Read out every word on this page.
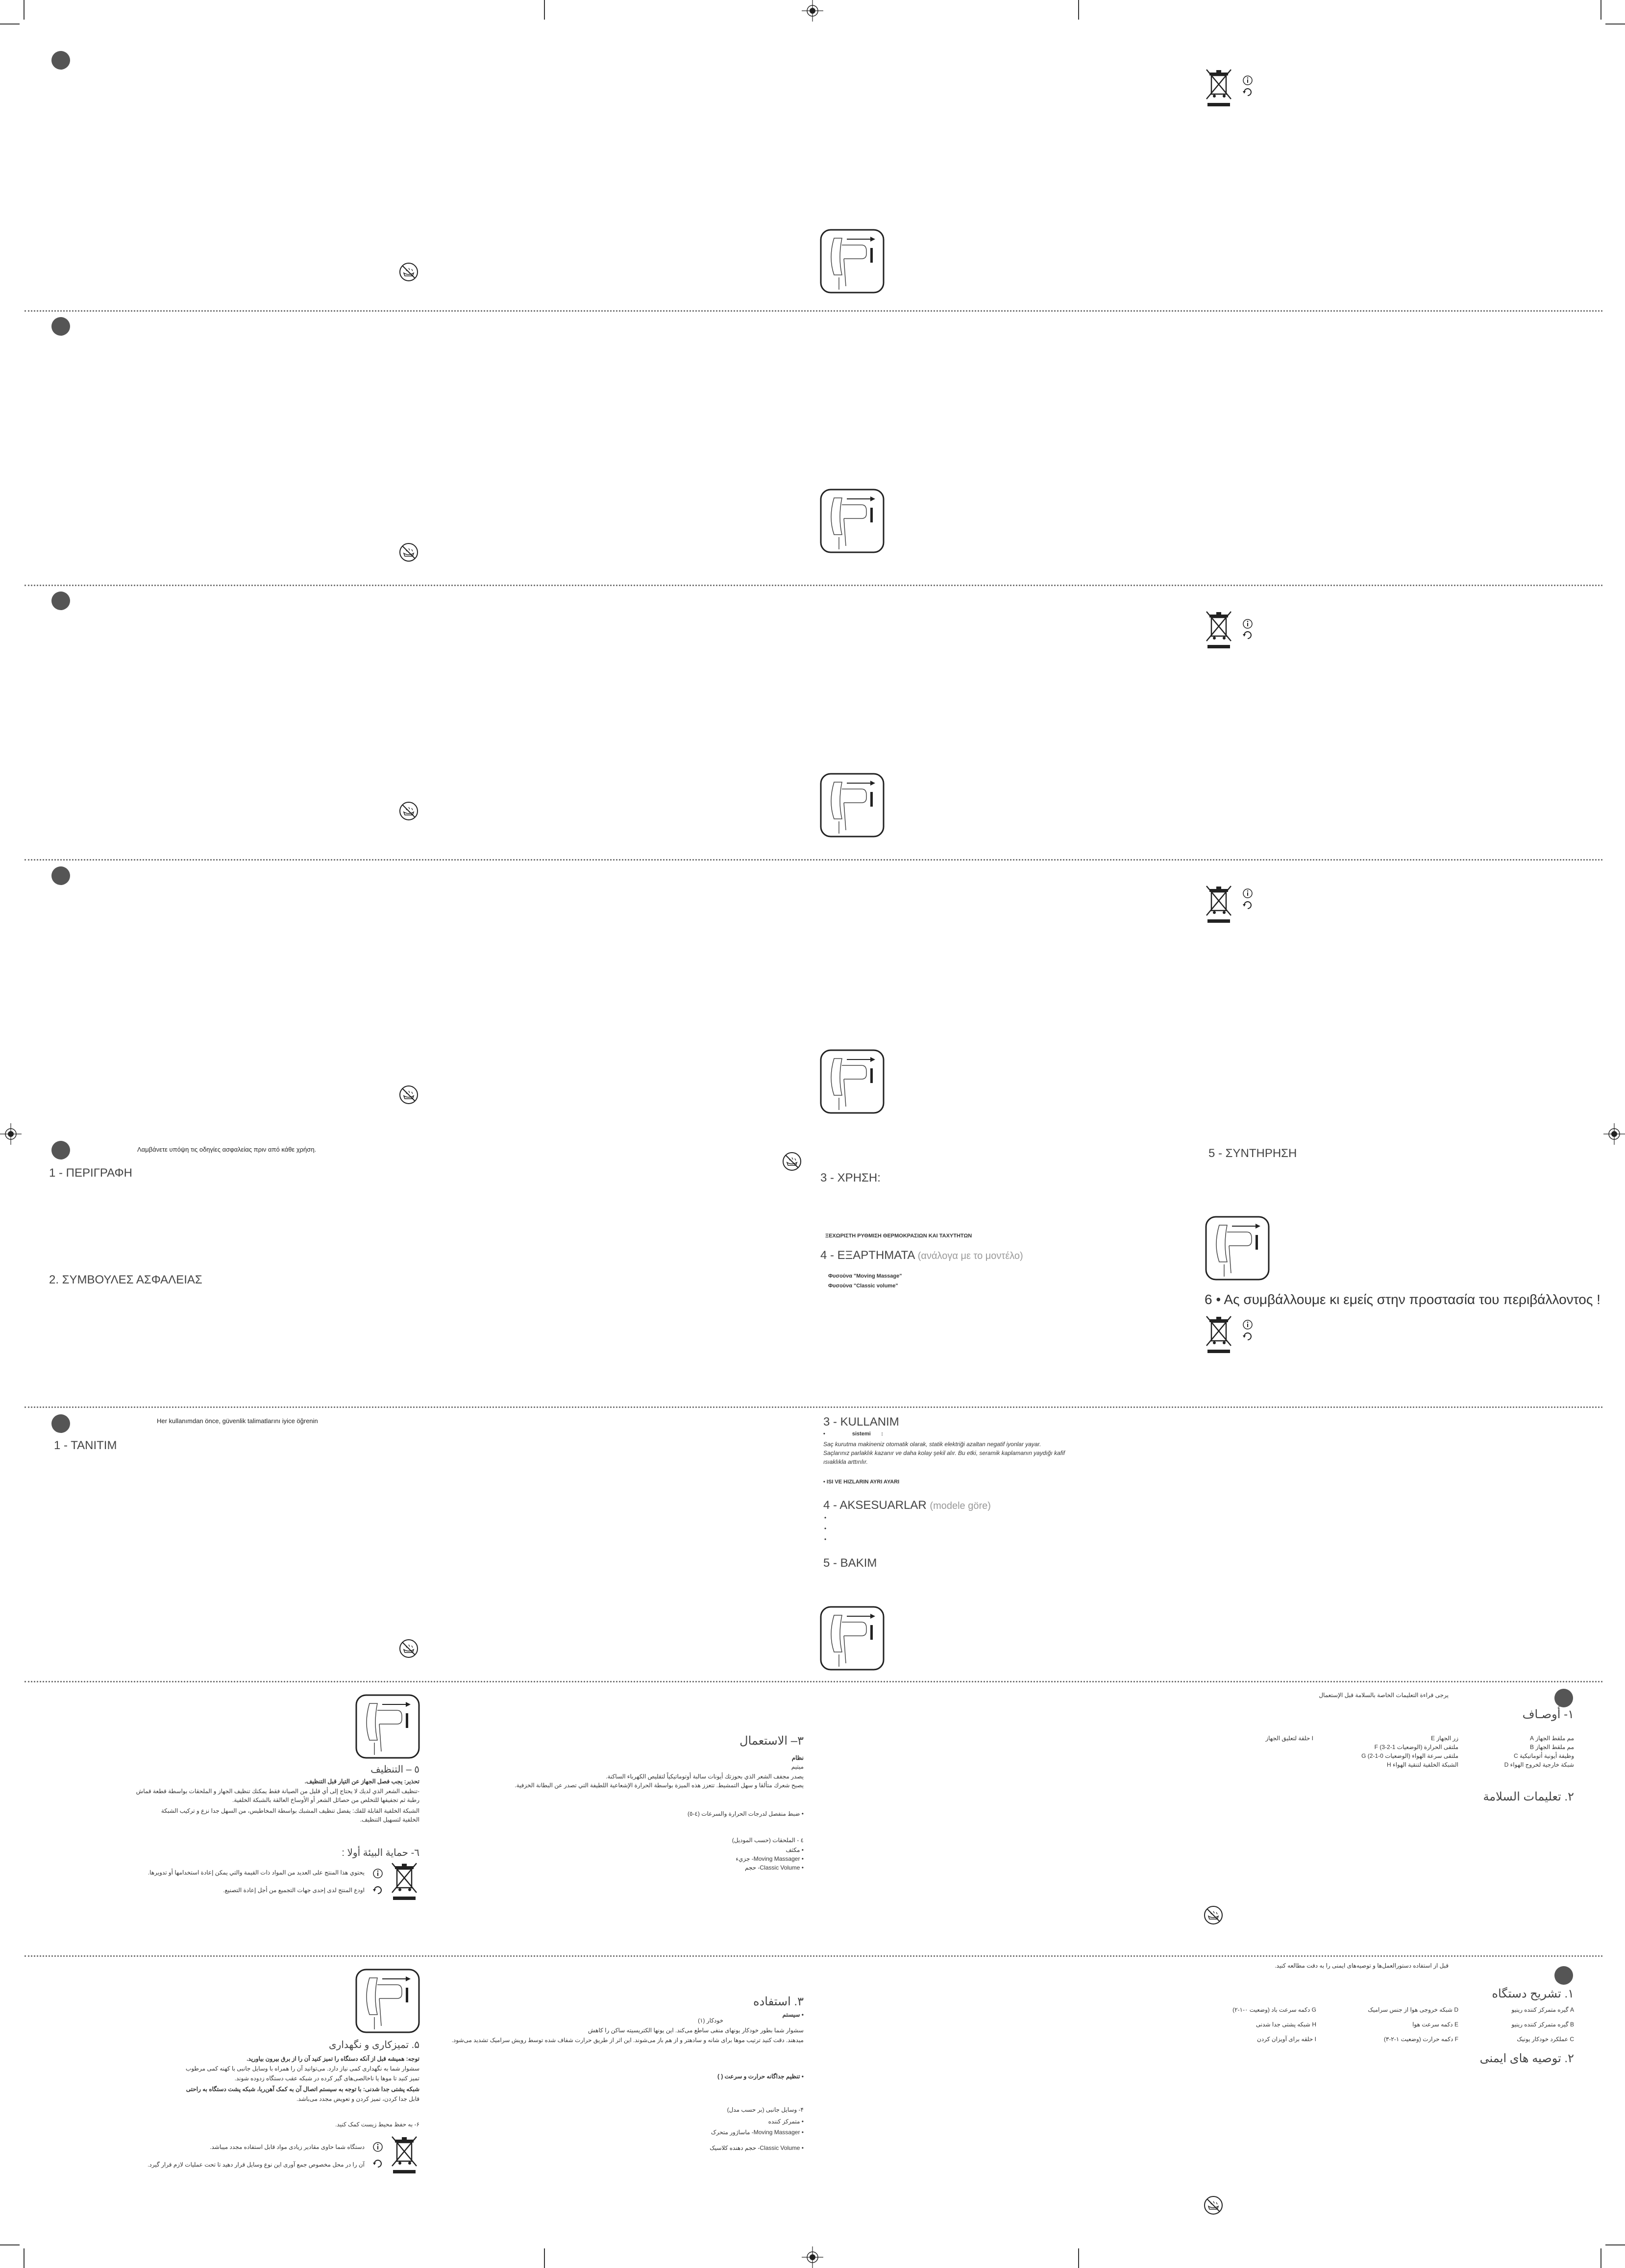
Λαμβάνετε υπόψη τις οδηγίες ασφαλείας πριν από κάθε χρήση.
1 - ΠΕΡΙΓΡΑΦΗ
2. ΣΥΜΒΟΥΛΕΣ ΑΣΦΑΛΕΙΑΣ
3 - ΧΡΗΣΗ:
ΞΕΧΩΡΙΣΤΗ ΡΥΘΜΙΣΗ ΘΕΡΜΟΚΡΑΣΙΩΝ ΚΑΙ ΤΑΧΥΤΗΤΩΝ
4 - ΕΞΑΡΤΗΜΑΤΑ (ανάλογα με το μοντέλο)
Φυσούνα "Moving Massage"
Φυσούνα "Classic volume"
5 - ΣΥΝΤΗΡΗΣΗ
6 • Ας συμβάλλουμε κι εμείς στην προστασία του περιβάλλοντος !
Her kullanımdan önce, güvenlik talimatlarını iyice öğrenin
1 - TANITIM
3 - KULLANIM
•                  sistemi       :
Saç kurutma makineniz otomatik olarak, statik elektriği azaltan negatif iyonlar yayar.
Saçlarınız parlaklık kazanır ve daha kolay şekil alır. Bu etki, seramik kaplamanın yaydığı kafif
ısıaklıkla arttırılır.
• ISI VE HIZLARIN AYRI AYARI
4 - AKSESUARLAR (modele göre)
•
•
•
5 - BAKIM
يرجى قراءة التعليمات الخاصة بالسلامة قبل الإستعمال
١- أوصـاف
مم ملقط الجهاز A
مم ملقط الجهاز B
وظيفة أيونية أتوماتيكية C
شبكة خارجية لخروج الهواء D
زر الجهاز E
ملتقى الحرارة (الوضعيات 1-2-3) F
ملتقى سرعة الهواء (الوضعيات 0-1-2) G
الشبكة الخلفية لتنقية الهواء H
I حلقة لتعليق الجهاز
٢. تعليمات السلامة
٣– الاستعمال
نظام
ميتيم
يصدر مجفف الشعر الذي بحوزتك أيونات سالبة أوتوماتيكياً لتقليص الكهرباء الساكنة.
يصبح شعرك متألقا و سهل التمشيط. تتعزز هذه الميزة بواسطة الحرارة الإشعاعية اللطيفة التي تصدر عن البطانة الخزفية.
• ضبط منفصل لدرجات الحرارة والسرعات (٤-٥)
٤ - الملحقات (حسب الموديل)
• مكثف
• Moving Massager- جزيء
• Classic Volume- حجم
٥ – التنظيف
تحذير: يجب فصل الجهاز عن التيار قبل التنظيف.
-تنظيف الشعر الذي لديك لا يحتاج إلى أي قليل من الصيانة فقط يمكنك تنظيف الجهاز و الملحقات بواسطة قطعة قماش
رطبة ثم تجفيفها للتخلص من حصائل الشعر أو الأوساخ العالقة بالشبكة الخلفية.
الشبكة الخلفية القابلة للفك: يفضل تنظيف المشبك بواسطة المخاطيس، من السهل جدا نزع و تركيب الشبكة
الخلفية لتسهيل التنظيف.
٦- حماية البيئة أولا :
يحتوي هذا المنتج على العديد من المواد ذات القيمة والتي يمكن إعادة استخدامها أو تدويرها.
اودع المنتج لدى إحدى جهات التجميع من أجل إعادة التصنيع.
قبل از استفاده دستورالعمل‌ها و توصیه‌های ایمنی را به دقت مطالعه کنید.
۱. تشریح دستگاه
A گیره متمرکز کننده رینیو
B گیره متمرکز کننده رینیو
C عملکرد خودکار یونیک
D شبکه خروجی هوا از جنس سرامیک
E دکمه سرعت هوا
F دکمه حرارت (وضعیت ۱-۲-۳)
G دکمه سرعت باد (وضعیت ۰-۱-۲)
H شبکه پشتی جدا شدنی
I حلقه برای آویزان کردن
۲. توصیه های ایمنی
۳. استفاده
• سیستم
خودکار (۱)
سشوار شما بطور خودکار یونهای منفی ساطع می‌کند. این یونها الکتریسیته ساکن را کاهش
میدهند. دقت کنید ترتیب موها برای شانه و سادهتر و از هم باز می‌شوند. این اثر از طریق حرارت شفاف شده توسط رویش سرامیک تشدید می‌شود.
• تنظیم جداگانه حرارت و سرعت ( )
۴- وسایل جانبی (بر حسب مدل)
• متمرکز کننده
• Moving Massager- ماساژور متحرک
• Classic Volume- حجم دهنده کلاسیک
۵. تمیزکاری و نگهداری
توجه: همیشه قبل از آنکه دستگاه را تمیز کنید آن را از برق بیرون بیاورید.
سشوار شما به نگهداری کمی نیاز دارد. می‌توانید آن را همراه با وسایل جانبی با کهنه کمی مرطوب
تمیز کنید تا موها یا ناخالصی‌های گیر کرده در شبکه عقب دستگاه زدوده شوند.
شبکه پشتی جدا شدنی: با توجه به سیستم اتصال آن به کمک آهن‌ربا، شبکه پشت دستگاه به راحتی
قابل جدا کردن، تمیز کردن و تعویض مجدد می‌باشد.
۶- به حفظ محیط زیست کمک کنید.
دستگاه شما حاوی مقادیر زیادی مواد قابل استفاده مجدد میباشد.
آن را در محل مخصوص جمع آوری این نوع وسایل قرار دهید تا تحت عملیات لازم قرار گیرد.
